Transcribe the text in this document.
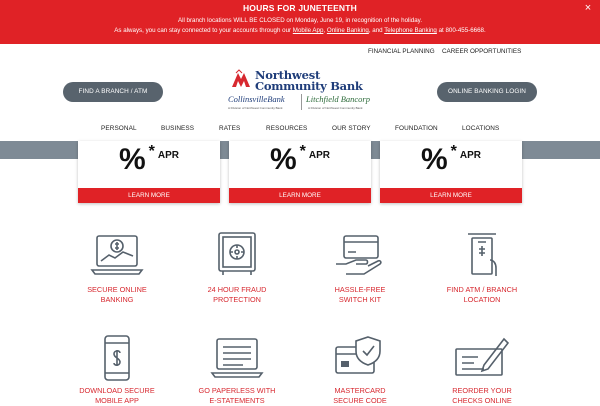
HOURS FOR JUNETEENTH
All branch locations WILL BE CLOSED on Monday, June 19, in recognition of the holiday.
As always, you can stay connected to your accounts through our Mobile App, Online Banking, and Telephone Banking at 800-455-6668.
×
FINANCIAL PLANNING CAREER OPPORTUNITIES
FIND A BRANCH / ATM	ONLINE BANKING LOGIN
Northwest
Community Bank
CollinsvilleBank	Litchfield Bancorp
A Division of Northwest Community Bank	A Division of Northwest Community Bank
PERSONAL	BUSINESS	RATES	RESOURCES	OUR STORY	FOUNDATION	LOCATIONS
% * $^{APR}$
LEARN MORE
% * $^{APR}$
LEARN MORE
% * $^{APR}$
LEARN MORE
SECURE ONLINE
BANKING
24 HOUR FRAUD
PROTECTION
HASSLE-FREE
SWITCH KIT
FIND ATM / BRANCH
LOCATION
DOWNLOAD SECURE
MOBILE APP
GO PAPERLESS WITH
E-STATEMENTS
MASTERCARD
SECURE CODE
REORDER YOUR
CHECKS ONLINE
